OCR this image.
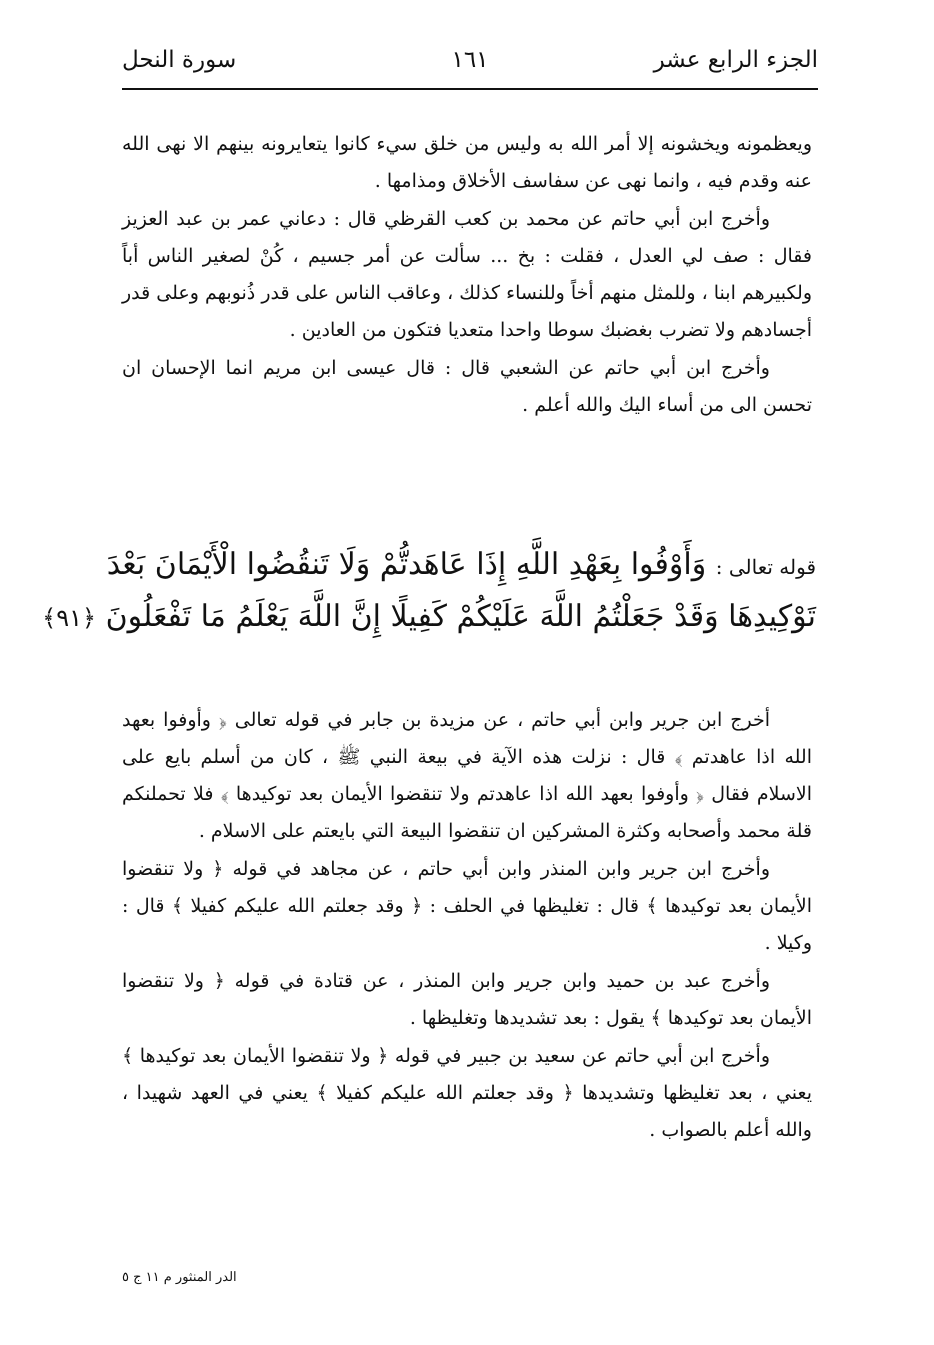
الجزء الرابع عشر
١٦١
سورة النحل

ويعظمونه ويخشونه إلا أمر الله به وليس من خلق سيء كانوا يتعايرونه بينهم الا نهى الله عنه وقدم فيه ، وانما نهى عن سفاسف الأخلاق ومذامها .

وأخرج ابن أبي حاتم عن محمد بن كعب القرظي قال : دعاني عمر بن عبد العزيز فقال : صف لي العدل ، فقلت : بخ ... سألت عن أمر جسيم ، كُنْ لصغير الناس أباً ولكبيرهم ابنا ، وللمثل منهم أخاً وللنساء كذلك ، وعاقب الناس على قدر ذُنوبهم وعلى قدر أجسادهم ولا تضرب بغضبك سوطا واحدا متعديا فتكون من العادين .

وأخرج ابن أبي حاتم عن الشعبي قال : قال عيسى ابن مريم انما الإحسان ان تحسن الى من أساء اليك والله أعلم .

قوله تعالى : وَأَوْفُوا بِعَهْدِ اللَّهِ إِذَا عَاهَدتُّمْ وَلَا تَنقُضُوا الْأَيْمَانَ بَعْدَ
تَوْكِيدِهَا وَقَدْ جَعَلْتُمُ اللَّهَ عَلَيْكُمْ كَفِيلًا إِنَّ اللَّهَ يَعْلَمُ مَا تَفْعَلُونَ ﴿٩١﴾

أخرج ابن جرير وابن أبي حاتم ، عن مزيدة بن جابر في قوله تعالى ﴿ وأوفوا بعهد الله اذا عاهدتم ﴾ قال : نزلت هذه الآية في بيعة النبي ﷺ ، كان من أسلم بايع على الاسلام فقال ﴿ وأوفوا بعهد الله اذا عاهدتم ولا تنقضوا الأيمان بعد توكيدها ﴾ فلا تحملنكم قلة محمد وأصحابه وكثرة المشركين ان تنقضوا البيعة التي بايعتم على الاسلام .

وأخرج ابن جرير وابن المنذر وابن أبي حاتم ، عن مجاهد في قوله ﴿ ولا تنقضوا الأيمان بعد توكيدها ﴾ قال : تغليظها في الحلف : ﴿ وقد جعلتم الله عليكم كفيلا ﴾ قال : وكيلا .

وأخرج عبد بن حميد وابن جرير وابن المنذر ، عن قتادة في قوله ﴿ ولا تنقضوا الأيمان بعد توكيدها ﴾ يقول : بعد تشديدها وتغليظها .

وأخرج ابن أبي حاتم عن سعيد بن جبير في قوله ﴿ ولا تنقضوا الأيمان بعد توكيدها ﴾ يعني ، بعد تغليظها وتشديدها ﴿ وقد جعلتم الله عليكم كفيلا ﴾ يعني في العهد شهيدا ، والله أعلم بالصواب .

الدر المنثور م ١١ ج ٥
